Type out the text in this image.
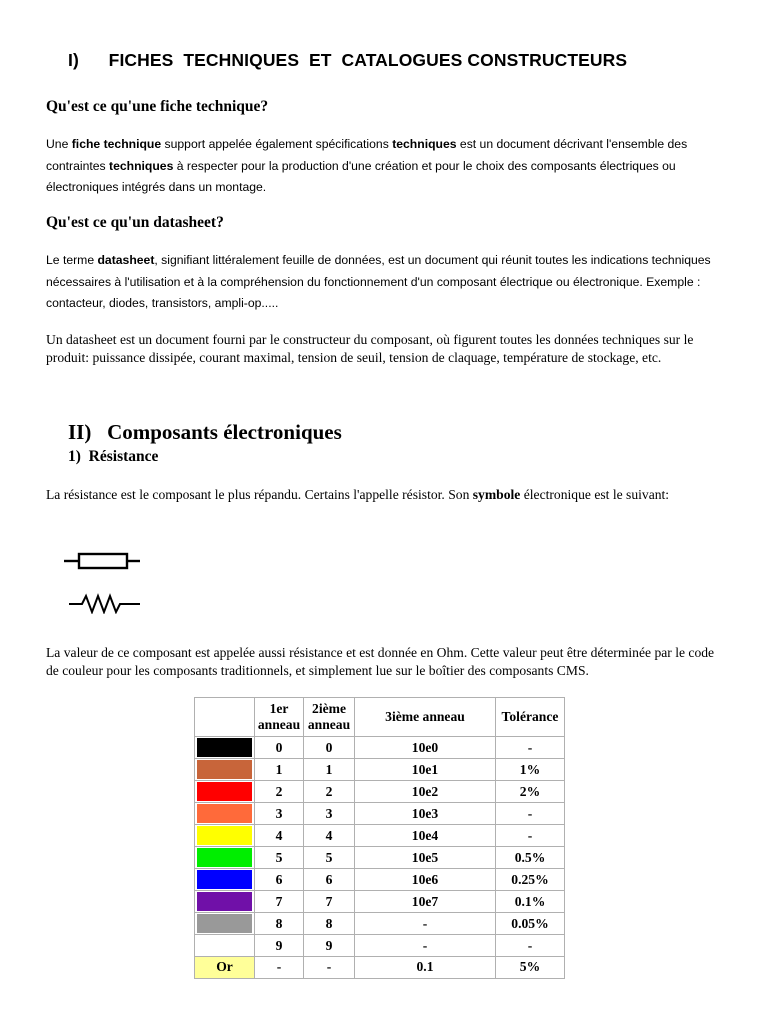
I) FICHES  TECHNIQUES  ET  CATALOGUES CONSTRUCTEURS
Qu'est ce qu'une fiche technique?
Une fiche technique support appelée également spécifications techniques est un document décrivant l'ensemble des contraintes techniques à respecter pour la production d'une création et pour le choix des composants électriques ou électroniques intégrés dans un montage.
Qu'est ce qu'un datasheet?
Le terme datasheet, signifiant littéralement feuille de données, est un document qui réunit toutes les indications techniques nécessaires à l'utilisation et à la compréhension du fonctionnement d'un composant électrique ou électronique. Exemple : contacteur, diodes, transistors, ampli-op.....
Un datasheet est un document fourni par le constructeur du composant, où figurent toutes les données techniques sur le produit: puissance dissipée, courant maximal, tension de seuil, tension de claquage, température de stockage, etc.
II) Composants électroniques
1) Résistance
La résistance est le composant le plus répandu. Certains l'appelle résistor. Son symbole électronique est le suivant:
La valeur de ce composant est appelée aussi résistance et est donnée en Ohm. Cette valeur peut être déterminée par le code de couleur pour les composants traditionnels, et simplement lue sur le boîtier des composants CMS.
	1er anneau	2ième anneau	3ième anneau	Tolérance

	0	0	10e0	-

	1	1	10e1	1%

	2	2	10e2	2%

	3	3	10e3	-

	4	4	10e4	-

	5	5	10e5	0.5%

	6	6	10e6	0.25%

	7	7	10e7	0.1%

	8	8	-	0.05%

	9	9	-	-
Or	-	-	0.1	5%
